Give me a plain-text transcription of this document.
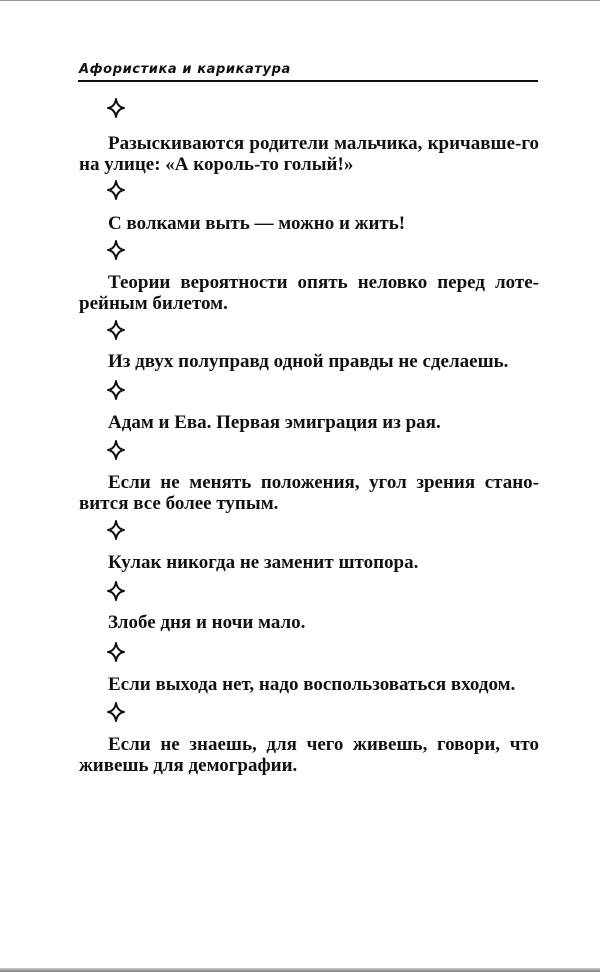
Афористика и карикатура

Разыскиваются родители мальчика, кричавше-го на улице: «А король-то голый!»

С волками выть — можно и жить!

Теории вероятности опять неловко перед лоте-рейным билетом.

Из двух полуправд одной правды не сделаешь.

Адам и Ева. Первая эмиграция из рая.

Если не менять положения, угол зрения стано-вится все более тупым.

Кулак никогда не заменит штопора.

Злобе дня и ночи мало.

Если выхода нет, надо воспользоваться входом.

Если не знаешь, для чего живешь, говори, что живешь для демографии.
